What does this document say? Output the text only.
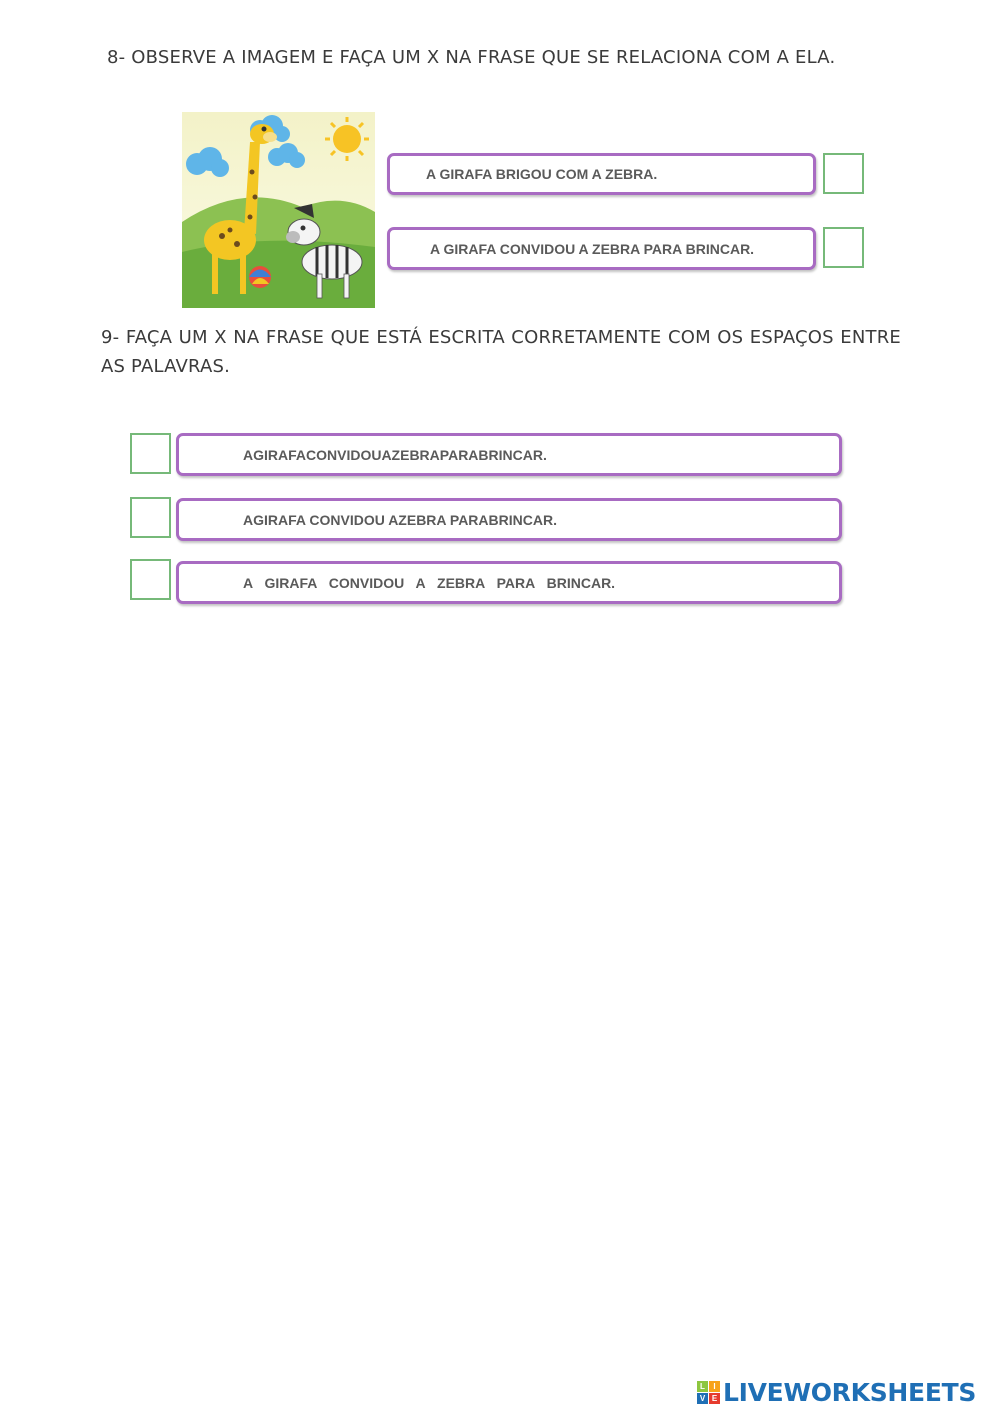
8- OBSERVE A IMAGEM E FAÇA UM X NA FRASE QUE SE RELACIONA COM A ELA.

A GIRAFA BRIGOU COM A ZEBRA.
A GIRAFA CONVIDOU A ZEBRA PARA BRINCAR.

9- FAÇA UM X NA FRASE QUE ESTÁ ESCRITA CORRETAMENTE COM OS ESPAÇOS ENTRE AS PALAVRAS.

AGIRAFACONVIDOUAZEBRAPARABRINCAR.
AGIRAFA CONVIDOU AZEBRA PARABRINCAR.
A GIRAFA CONVIDOU A ZEBRA PARA BRINCAR.
L	I
V E LIVEWORKSHEETS
